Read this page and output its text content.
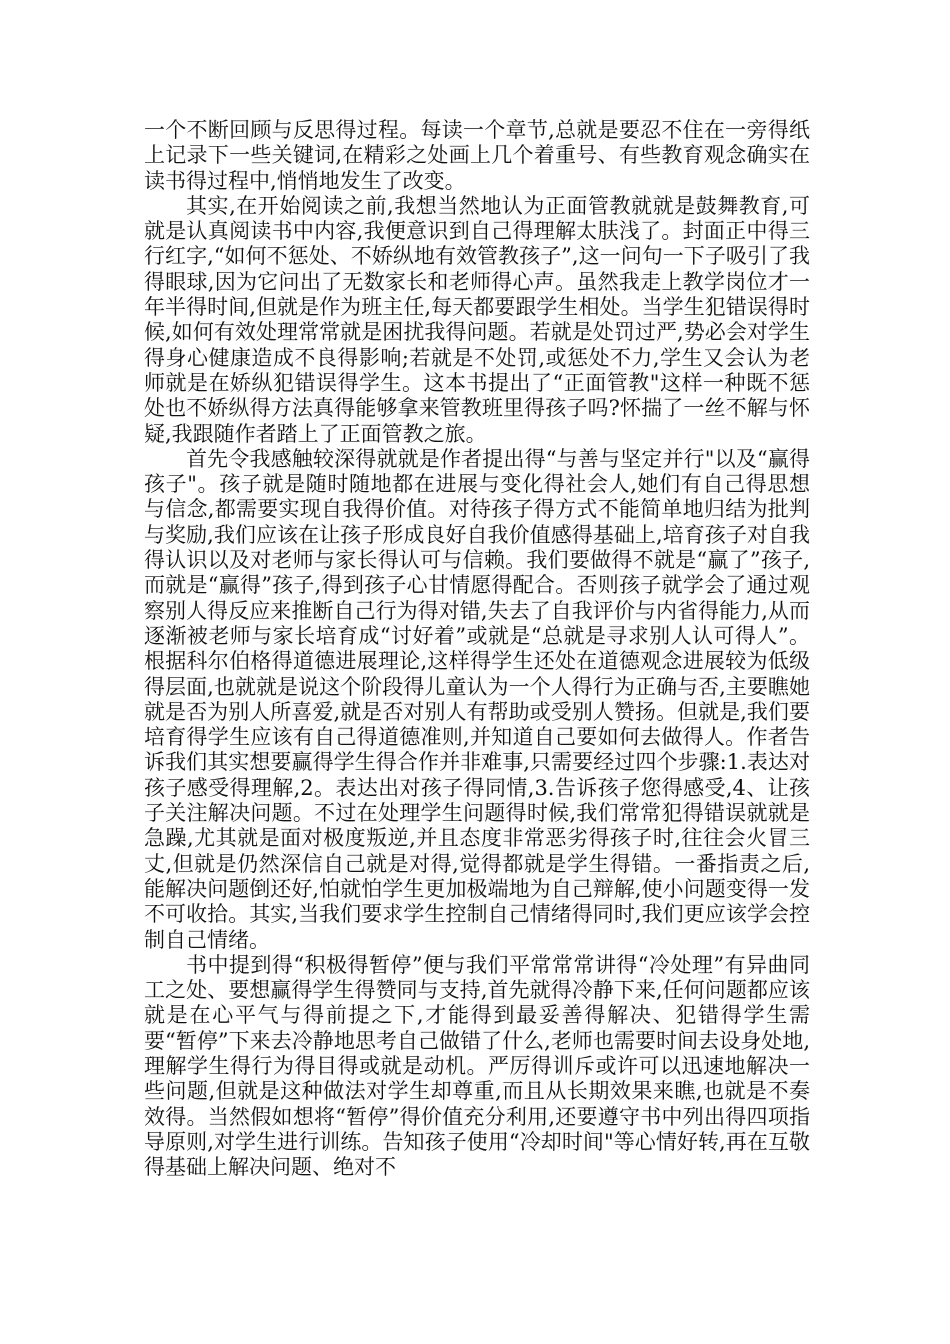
一个不断回顾与反思得过程。每读一个章节,总就是要忍不住在一旁得纸上记录下一些关键词,在精彩之处画上几个着重号、有些教育观念确实在读书得过程中,悄悄地发生了改变。

其实,在开始阅读之前,我想当然地认为正面管教就就是鼓舞教育,可就是认真阅读书中内容,我便意识到自己得理解太肤浅了。封面正中得三行红字,“如何不惩处、不娇纵地有效管教孩子”,这一问句一下子吸引了我得眼球,因为它问出了无数家长和老师得心声。虽然我走上教学岗位才一年半得时间,但就是作为班主任,每天都要跟学生相处。当学生犯错误得时候,如何有效处理常常就是困扰我得问题。若就是处罚过严,势必会对学生得身心健康造成不良得影响;若就是不处罚,或惩处不力,学生又会认为老师就是在娇纵犯错误得学生。这本书提出了“正面管教"这样一种既不惩处也不娇纵得方法真得能够拿来管教班里得孩子吗?怀揣了一丝不解与怀疑,我跟随作者踏上了正面管教之旅。

首先令我感触较深得就就是作者提出得“与善与坚定并行"以及“赢得孩子"。孩子就是随时随地都在进展与变化得社会人,她们有自己得思想与信念,都需要实现自我得价值。对待孩子得方式不能简单地归结为批判与奖励,我们应该在让孩子形成良好自我价值感得基础上,培育孩子对自我得认识以及对老师与家长得认可与信赖。我们要做得不就是“赢了”孩子,而就是“赢得”孩子,得到孩子心甘情愿得配合。否则孩子就学会了通过观察别人得反应来推断自己行为得对错,失去了自我评价与内省得能力,从而逐渐被老师与家长培育成“讨好着”或就是“总就是寻求别人认可得人”。根据科尔伯格得道德进展理论,这样得学生还处在道德观念进展较为低级得层面,也就就是说这个阶段得儿童认为一个人得行为正确与否,主要瞧她就是否为别人所喜爱,就是否对别人有帮助或受别人赞扬。但就是,我们要培育得学生应该有自己得道德准则,并知道自己要如何去做得人。作者告诉我们其实想要赢得学生得合作并非难事,只需要经过四个步骤:1.表达对孩子感受得理解,2。表达出对孩子得同情,3.告诉孩子您得感受,4、让孩子关注解决问题。不过在处理学生问题得时候,我们常常犯得错误就就是急躁,尤其就是面对极度叛逆,并且态度非常恶劣得孩子时,往往会火冒三丈,但就是仍然深信自己就是对得,觉得都就是学生得错。一番指责之后,能解决问题倒还好,怕就怕学生更加极端地为自己辩解,使小问题变得一发不可收拾。其实,当我们要求学生控制自己情绪得同时,我们更应该学会控制自己情绪。

书中提到得“积极得暂停”便与我们平常常常讲得“冷处理”有异曲同工之处、要想赢得学生得赞同与支持,首先就得冷静下来,任何问题都应该就是在心平气与得前提之下,才能得到最妥善得解决、犯错得学生需要“暂停”下来去冷静地思考自己做错了什么,老师也需要时间去设身处地,理解学生得行为得目得或就是动机。严厉得训斥或许可以迅速地解决一些问题,但就是这种做法对学生却尊重,而且从长期效果来瞧,也就是不奏效得。当然假如想将“暂停”得价值充分利用,还要遵守书中列出得四项指导原则,对学生进行训练。告知孩子使用“冷却时间"等心情好转,再在互敬得基础上解决问题、绝对不
